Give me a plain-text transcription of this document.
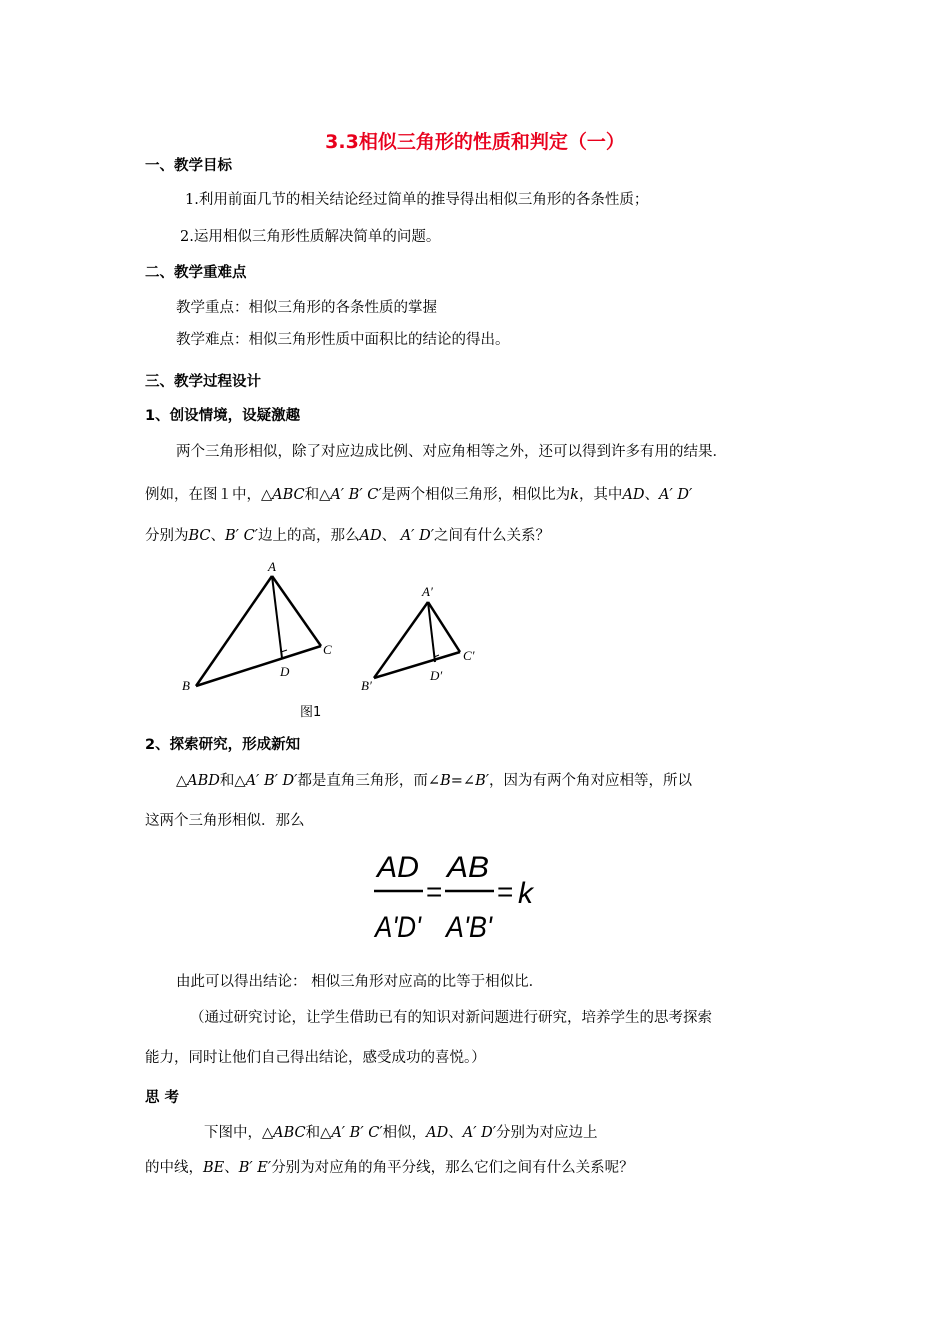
3.3相似三角形的性质和判定（一）
一、教学目标
1.利用前面几节的相关结论经过简单的推导得出相似三角形的各条性质；
2.运用相似三角形性质解决简单的问题。
二、教学重难点
教学重点：相似三角形的各条性质的掌握
教学难点：相似三角形性质中面积比的结论的得出。
三、教学过程设计
1、创设情境，设疑激趣
两个三角形相似，除了对应边成比例、对应角相等之外，还可以得到许多有用的结果．
例如，在图１中，△ABC和△A′ B′ C′是两个相似三角形，相似比为k，其中AD、A′ D′
分别为BC、B′ C′边上的高，那么AD、 A′ D′之间有什么关系？
A
B
C
D
A′
B′
C′
D′
图1
2、探索研究，形成新知
△ABD和△A′ B′ D′都是直角三角形，而∠B=∠B′，因为有两个角对应相等，所以
这两个三角形相似．那么
AD
A'D'
=
AB
A'B'
= k
由此可以得出结论： 相似三角形对应高的比等于相似比．
（通过研究讨论，让学生借助已有的知识对新问题进行研究，培养学生的思考探索
能力，同时让他们自己得出结论，感受成功的喜悦。）
思 考
下图中，△ABC和△A′ B′ C′相似，AD、A′ D′分别为对应边上
的中线，BE、B′ E′分别为对应角的角平分线，那么它们之间有什么关系呢？
